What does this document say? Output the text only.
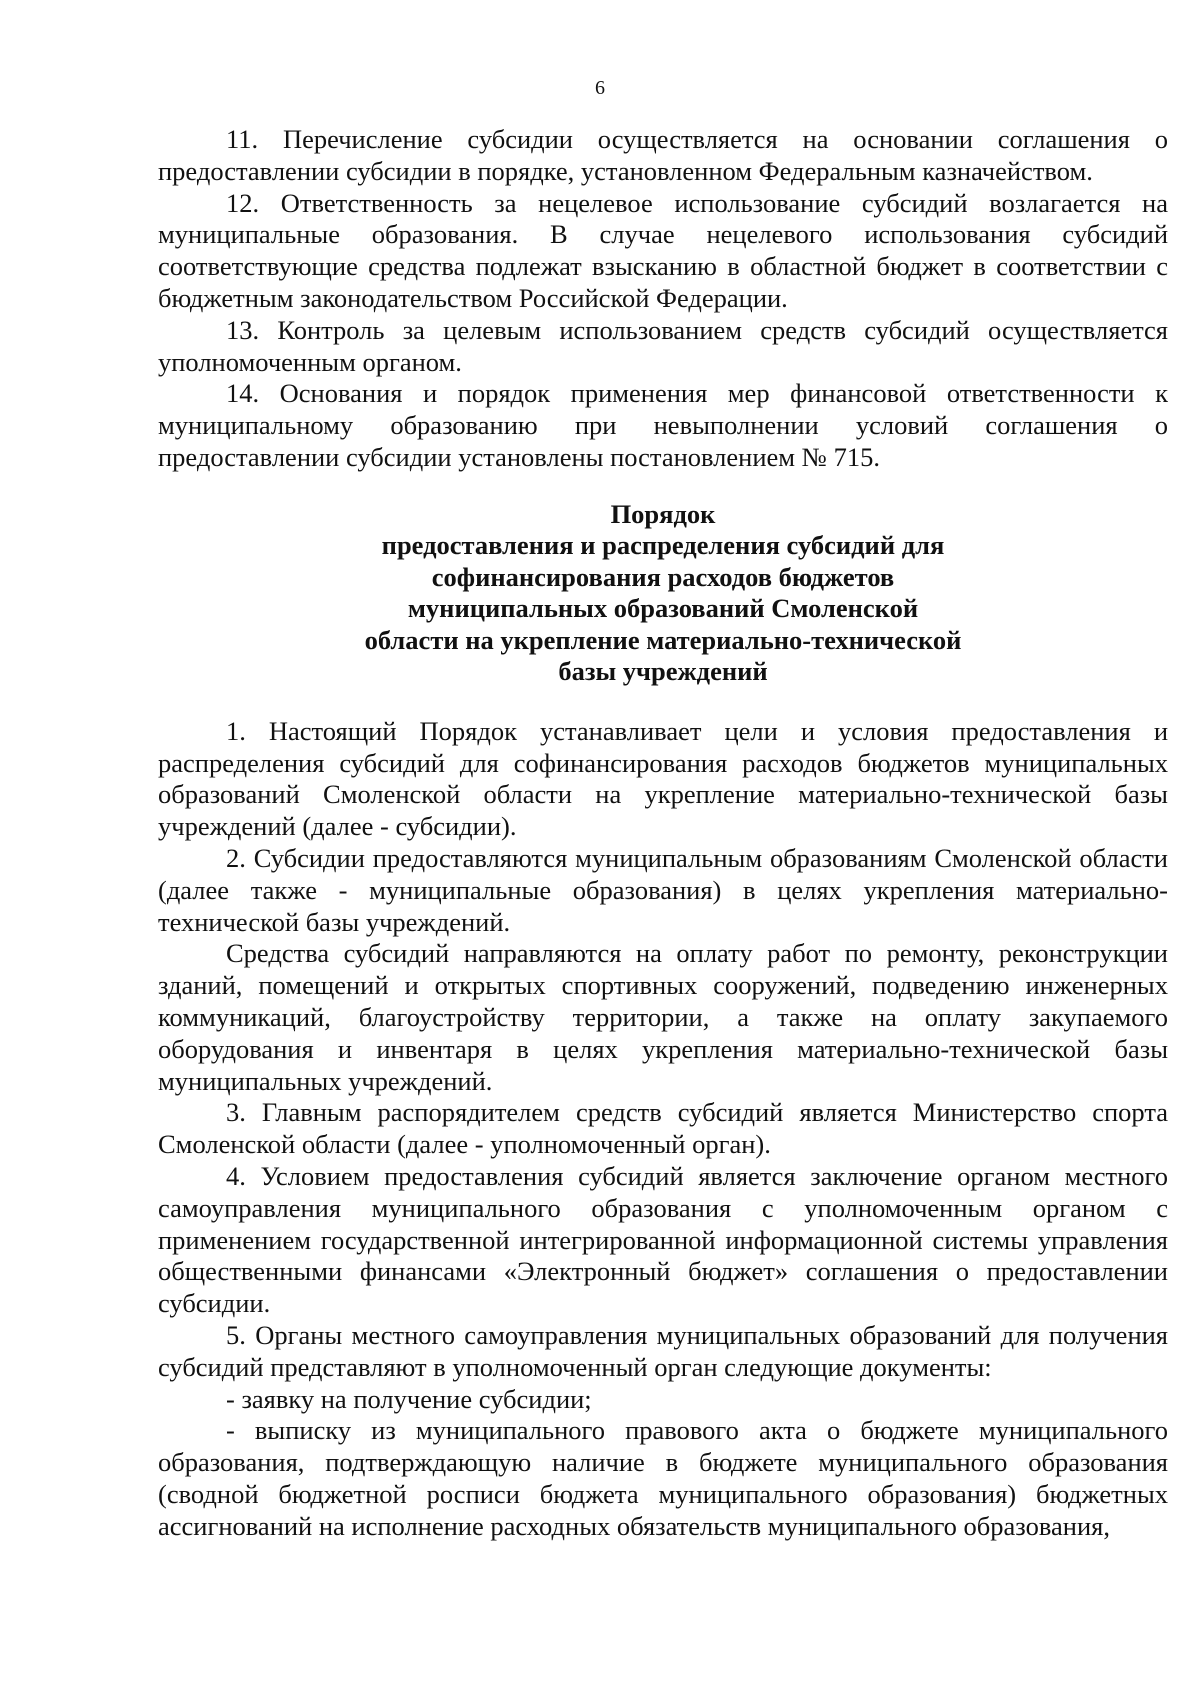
6

11. Перечисление субсидии осуществляется на основании соглашения о предоставлении субсидии в порядке, установленном Федеральным казначейством.

12. Ответственность за нецелевое использование субсидий возлагается на муниципальные образования. В случае нецелевого использования субсидий соответствующие средства подлежат взысканию в областной бюджет в соответствии с бюджетным законодательством Российской Федерации.

13. Контроль за целевым использованием средств субсидий осуществляется уполномоченным органом.

14. Основания и порядок применения мер финансовой ответственности к муниципальному образованию при невыполнении условий соглашения о предоставлении субсидии установлены постановлением № 715.

Порядок
предоставления и распределения субсидий для
софинансирования расходов бюджетов
муниципальных образований Смоленской
области на укрепление материально-технической
базы учреждений

1. Настоящий Порядок устанавливает цели и условия предоставления и распределения субсидий для софинансирования расходов бюджетов муниципальных образований Смоленской области на укрепление материально-технической базы учреждений (далее - субсидии).

2. Субсидии предоставляются муниципальным образованиям Смоленской области (далее также - муниципальные образования) в целях укрепления материально-технической базы учреждений.

Средства субсидий направляются на оплату работ по ремонту, реконструкции зданий, помещений и открытых спортивных сооружений, подведению инженерных коммуникаций, благоустройству территории, а также на оплату закупаемого оборудования и инвентаря в целях укрепления материально-технической базы муниципальных учреждений.

3. Главным распорядителем средств субсидий является Министерство спорта Смоленской области (далее - уполномоченный орган).

4. Условием предоставления субсидий является заключение органом местного самоуправления муниципального образования с уполномоченным органом с применением государственной интегрированной информационной системы управления общественными финансами «Электронный бюджет» соглашения о предоставлении субсидии.

5. Органы местного самоуправления муниципальных образований для получения субсидий представляют в уполномоченный орган следующие документы:

- заявку на получение субсидии;

- выписку из муниципального правового акта о бюджете муниципального образования, подтверждающую наличие в бюджете муниципального образования (сводной бюджетной росписи бюджета муниципального образования) бюджетных ассигнований на исполнение расходных обязательств муниципального образования,
